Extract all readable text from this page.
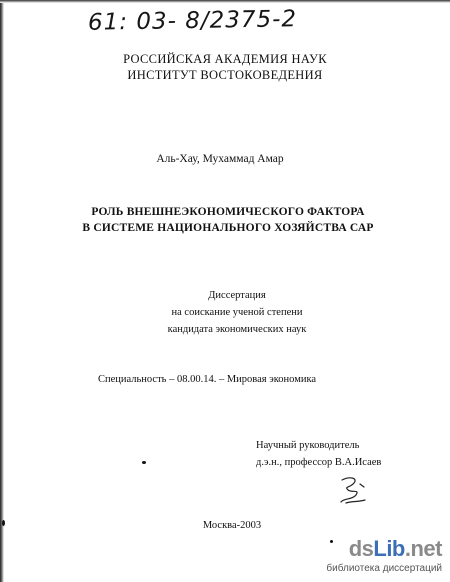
61: 03- 8/2375-2
РОССИЙСКАЯ АКАДЕМИЯ НАУК
ИНСТИТУТ ВОСТОКОВЕДЕНИЯ
Аль-Хау, Мухаммад Амар
РОЛЬ ВНЕШНЕЭКОНОМИЧЕСКОГО ФАКТОРА
В СИСТЕМЕ НАЦИОНАЛЬНОГО ХОЗЯЙСТВА САР
Диссертация
на соискание ученой степени
кандидата экономических наук
Специальность – 08.00.14. – Мировая экономика
Научный руководитель
д.э.н., профессор В.А.Исаев
Москва-2003
dsLib.net
библиотека диссертаций
